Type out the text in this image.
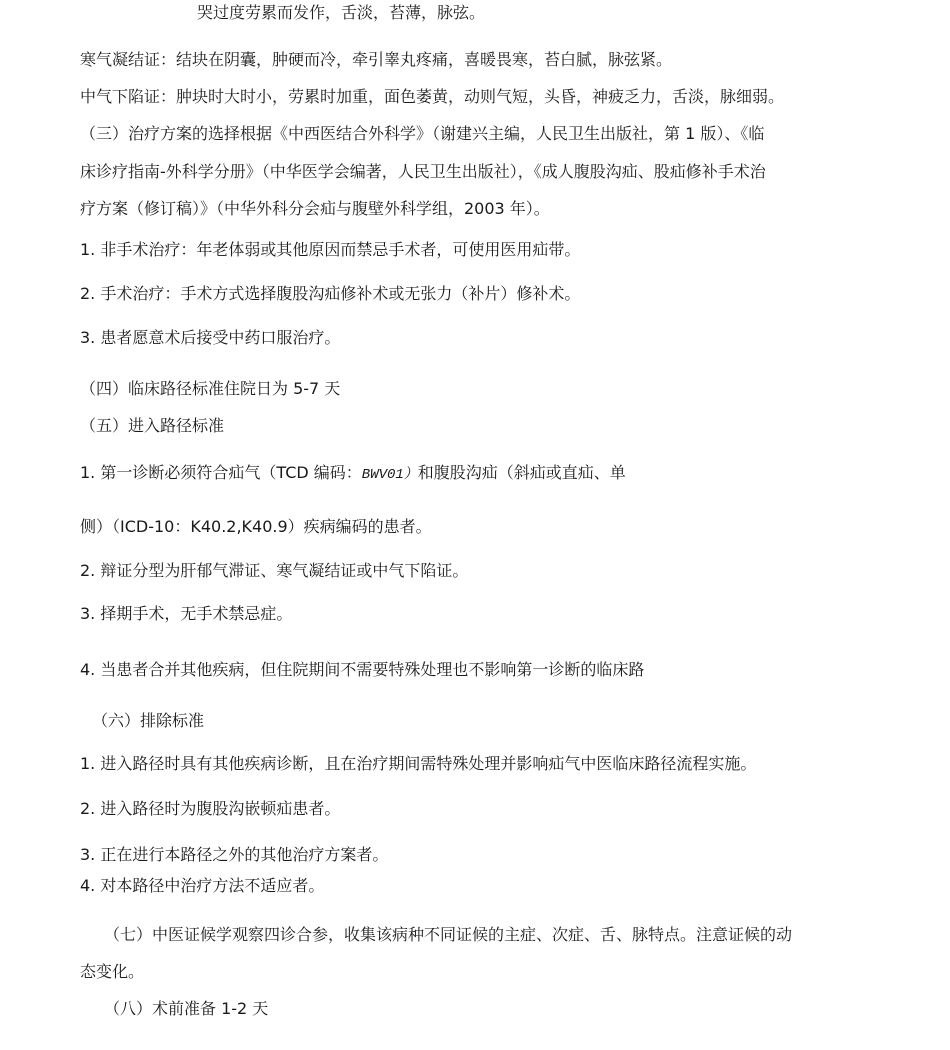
哭过度劳累而发作，舌淡，苔薄，脉弦。

寒气凝结证：结块在阴囊，肿硬而冷，牵引睾丸疼痛，喜暖畏寒，苔白腻，脉弦紧。

中气下陷证：肿块时大时小，劳累时加重，面色萎黄，动则气短，头昏，神疲乏力，舌淡，脉细弱。

（三）治疗方案的选择根据《中西医结合外科学》（谢建兴主编，人民卫生出版社，第 1 版）、《临

床诊疗指南-外科学分册》（中华医学会编著，人民卫生出版社），《成人腹股沟疝、股疝修补手术治

疗方案（修订稿）》（中华外科分会疝与腹壁外科学组，2003 年）。

1. 非手术治疗：年老体弱或其他原因而禁忌手术者，可使用医用疝带。

2. 手术治疗：手术方式选择腹股沟疝修补术或无张力（补片）修补术。

3. 患者愿意术后接受中药口服治疗。

（四）临床路径标准住院日为 5-7 天

（五）进入路径标准

1. 第一诊断必须符合疝气（TCD 编码：BWV01）和腹股沟疝（斜疝或直疝、单

侧）（ICD-10：K40.2,K40.9）疾病编码的患者。

2. 辩证分型为肝郁气滞证、寒气凝结证或中气下陷证。

3. 择期手术，无手术禁忌症。

4. 当患者合并其他疾病，但住院期间不需要特殊处理也不影响第一诊断的临床路

（六）排除标准

1. 进入路径时具有其他疾病诊断，且在治疗期间需特殊处理并影响疝气中医临床路径流程实施。

2. 进入路径时为腹股沟嵌顿疝患者。

3. 正在进行本路径之外的其他治疗方案者。

4. 对本路径中治疗方法不适应者。

（七）中医证候学观察四诊合参，收集该病种不同证候的主症、次症、舌、脉特点。注意证候的动

态变化。

（八）术前准备 1-2 天
